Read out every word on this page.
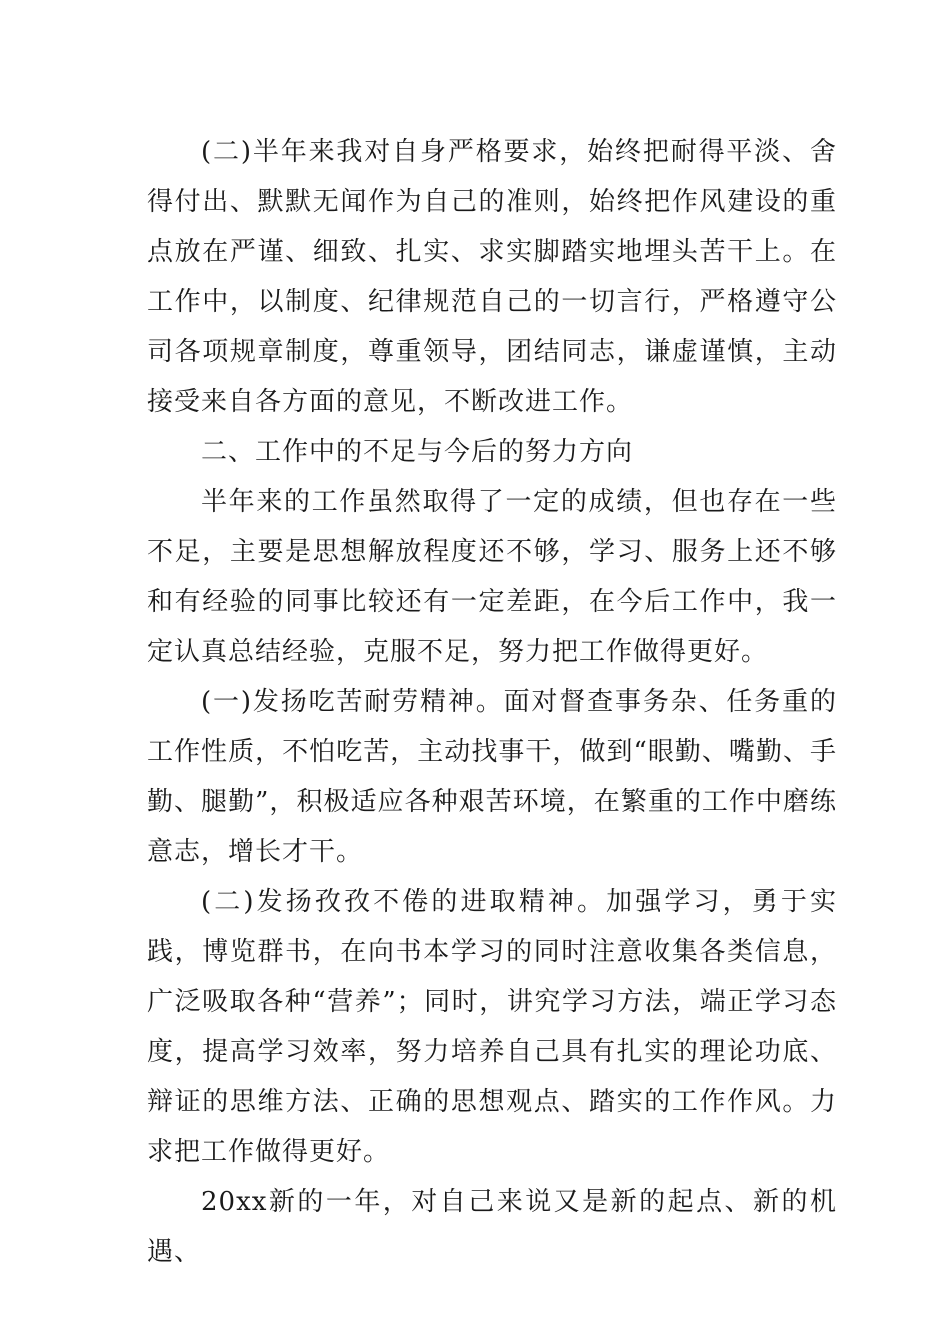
(二)半年来我对自身严格要求，始终把耐得平淡、舍得付出、默默无闻作为自己的准则，始终把作风建设的重点放在严谨、细致、扎实、求实脚踏实地埋头苦干上。在工作中，以制度、纪律规范自己的一切言行，严格遵守公司各项规章制度，尊重领导，团结同志，谦虚谨慎，主动接受来自各方面的意见，不断改进工作。

二、工作中的不足与今后的努力方向

半年来的工作虽然取得了一定的成绩，但也存在一些不足，主要是思想解放程度还不够，学习、服务上还不够和有经验的同事比较还有一定差距，在今后工作中，我一定认真总结经验，克服不足，努力把工作做得更好。

(一)发扬吃苦耐劳精神。面对督查事务杂、任务重的工作性质，不怕吃苦，主动找事干，做到“眼勤、嘴勤、手勤、腿勤”，积极适应各种艰苦环境，在繁重的工作中磨练意志，增长才干。

(二)发扬孜孜不倦的进取精神。加强学习，勇于实践，博览群书，在向书本学习的同时注意收集各类信息，广泛吸取各种“营养”；同时，讲究学习方法，端正学习态度，提高学习效率，努力培养自己具有扎实的理论功底、辩证的思维方法、正确的思想观点、踏实的工作作风。力求把工作做得更好。

20xx新的一年，对自己来说又是新的起点、新的机遇、
